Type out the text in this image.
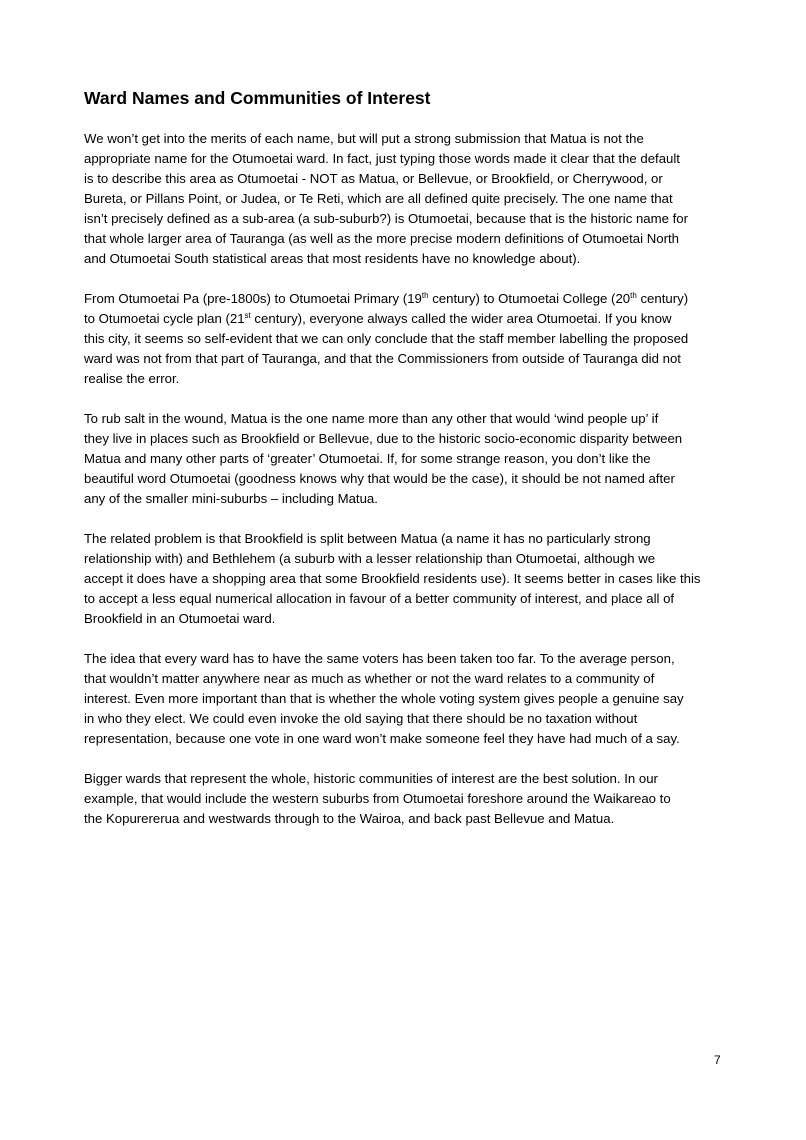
Ward Names and Communities of Interest

We won’t get into the merits of each name, but will put a strong submission that Matua is not the
appropriate name for the Otumoetai ward. In fact, just typing those words made it clear that the default
is to describe this area as Otumoetai - NOT as Matua, or Bellevue, or Brookfield, or Cherrywood, or
Bureta, or Pillans Point, or Judea, or Te Reti, which are all defined quite precisely. The one name that
isn’t precisely defined as a sub-area (a sub-suburb?) is Otumoetai, because that is the historic name for
that whole larger area of Tauranga (as well as the more precise modern definitions of Otumoetai North
and Otumoetai South statistical areas that most residents have no knowledge about).

From Otumoetai Pa (pre-1800s) to Otumoetai Primary (19th century) to Otumoetai College (20th century)
to Otumoetai cycle plan (21st century), everyone always called the wider area Otumoetai. If you know
this city, it seems so self-evident that we can only conclude that the staff member labelling the proposed
ward was not from that part of Tauranga, and that the Commissioners from outside of Tauranga did not
realise the error.

To rub salt in the wound, Matua is the one name more than any other that would ‘wind people up’ if
they live in places such as Brookfield or Bellevue, due to the historic socio-economic disparity between
Matua and many other parts of ‘greater’ Otumoetai. If, for some strange reason, you don’t like the
beautiful word Otumoetai (goodness knows why that would be the case), it should be not named after
any of the smaller mini-suburbs – including Matua.

The related problem is that Brookfield is split between Matua (a name it has no particularly strong
relationship with) and Bethlehem (a suburb with a lesser relationship than Otumoetai, although we
accept it does have a shopping area that some Brookfield residents use). It seems better in cases like this
to accept a less equal numerical allocation in favour of a better community of interest, and place all of
Brookfield in an Otumoetai ward.

The idea that every ward has to have the same voters has been taken too far. To the average person,
that wouldn’t matter anywhere near as much as whether or not the ward relates to a community of
interest. Even more important than that is whether the whole voting system gives people a genuine say
in who they elect. We could even invoke the old saying that there should be no taxation without
representation, because one vote in one ward won’t make someone feel they have had much of a say.

Bigger wards that represent the whole, historic communities of interest are the best solution. In our
example, that would include the western suburbs from Otumoetai foreshore around the Waikareao to
the Kopurererua and westwards through to the Wairoa, and back past Bellevue and Matua.

7
